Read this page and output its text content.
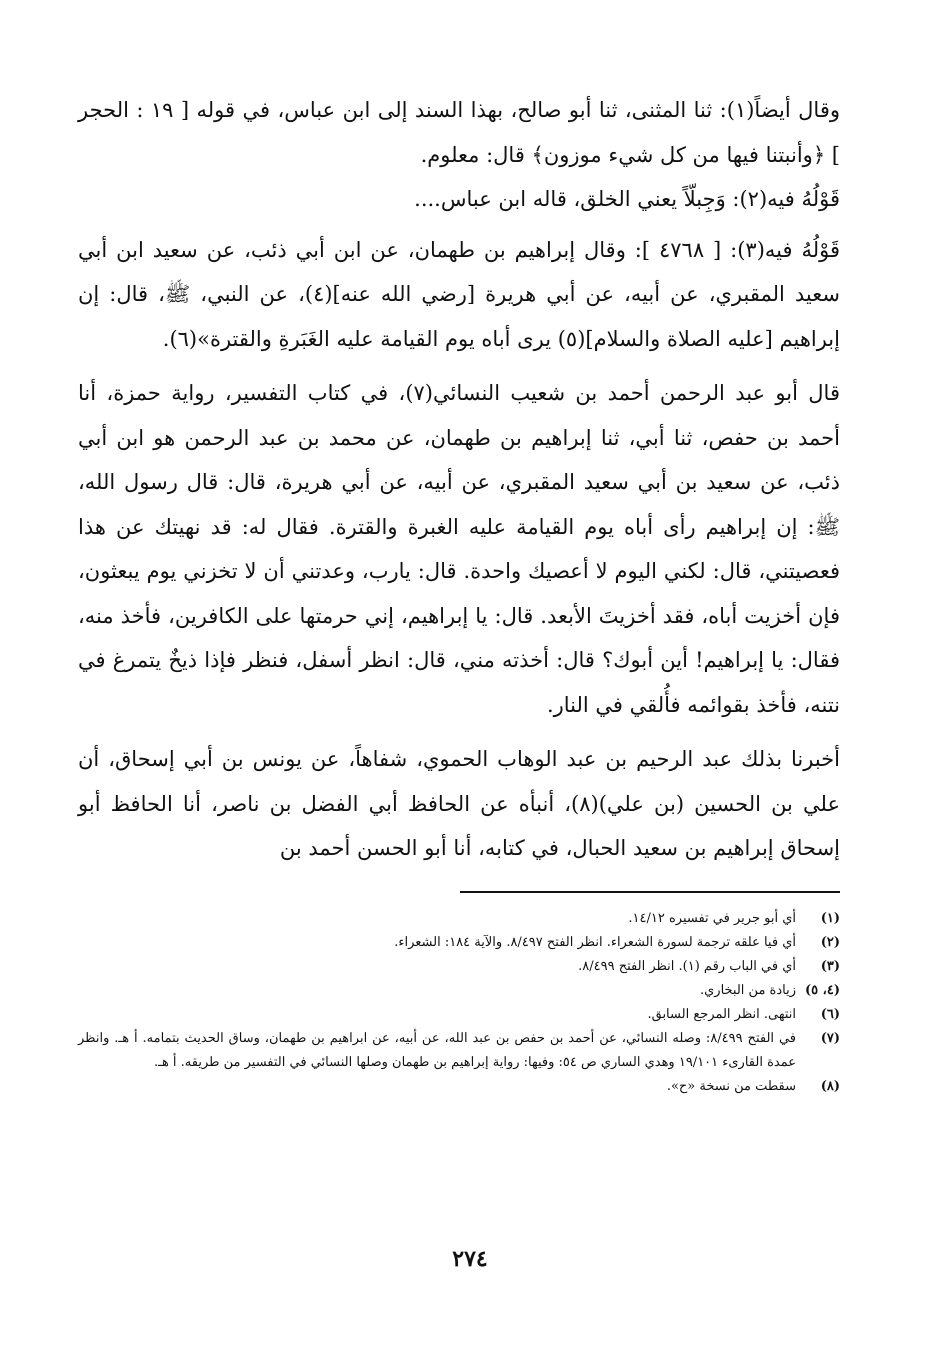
وقال أيضاً(١): ثنا المثنى، ثنا أبو صالح، بهذا السند إلى ابن عباس، في قوله [ ١٩ : الحجر ] ﴿وأنبتنا فيها من كل شيء موزون﴾ قال: معلوم.

قَوْلُهُ فيه(٢): وَجِبلّاً يعني الخلق، قاله ابن عباس....

قَوْلُهُ فيه(٣): [ ٤٧٦٨ ]: وقال إبراهيم بن طهمان، عن ابن أبي ذئب، عن سعيد ابن أبي سعيد المقبري، عن أبيه، عن أبي هريرة [رضي الله عنه](٤)، عن النبي، ﷺ، قال: إن إبراهيم [عليه الصلاة والسلام](٥) يرى أباه يوم القيامة عليه الغَبَرةِ والقترة»(٦).

قال أبو عبد الرحمن أحمد بن شعيب النسائي(٧)، في كتاب التفسير، رواية حمزة، أنا أحمد بن حفص، ثنا أبي، ثنا إبراهيم بن طهمان، عن محمد بن عبد الرحمن هو ابن أبي ذئب، عن سعيد بن أبي سعيد المقبري، عن أبيه، عن أبي هريرة، قال: قال رسول الله، ﷺ: إن إبراهيم رأى أباه يوم القيامة عليه الغبرة والقترة. فقال له: قد نهيتك عن هذا فعصيتني، قال: لكني اليوم لا أعصيك واحدة. قال: يارب، وعدتني أن لا تخزني يوم يبعثون، فإن أخزيت أباه، فقد أخزيتَ الأبعد. قال: يا إبراهيم، إني حرمتها على الكافرين، فأخذ منه، فقال: يا إبراهيم! أين أبوك؟ قال: أخذته مني، قال: انظر أسفل، فنظر فإذا ذيخٌ يتمرغ في نتنه، فأخذ بقوائمه فأُلقي في النار.

أخبرنا بذلك عبد الرحيم بن عبد الوهاب الحموي، شفاهاً، عن يونس بن أبي إسحاق، أن علي بن الحسين (بن علي)(٨)، أنبأه عن الحافظ أبي الفضل بن ناصر، أنا الحافظ أبو إسحاق إبراهيم بن سعيد الحبال، في كتابه، أنا أبو الحسن أحمد بن

(١)
أي أبو جرير في تفسيره ١٤/١٢.
(٢)
أي فيا علقه ترجمة لسورة الشعراء. انظر الفتح ٨/٤٩٧. والآية ١٨٤: الشعراء.
(٣)
أي في الباب رقم (١). انظر الفتح ٨/٤٩٩.
(٤، ٥)
زيادة من البخاري.
(٦)
انتهى. انظر المرجع السابق.
(٧)
في الفتح ٨/٤٩٩: وصله النسائي، عن أحمد بن حفص بن عبد الله، عن أبيه، عن ابراهيم بن طهمان، وساق الحديث بتمامه. أ هـ. وانظر عمدة القارىء ١٩/١٠١ وهدي الساري ص ٥٤: وفيها: رواية إبراهيم بن طهمان وصلها النسائي في التفسير من طريقه. أ هـ.
(٨)
سقطت من نسخة «ح».
٢٧٤
